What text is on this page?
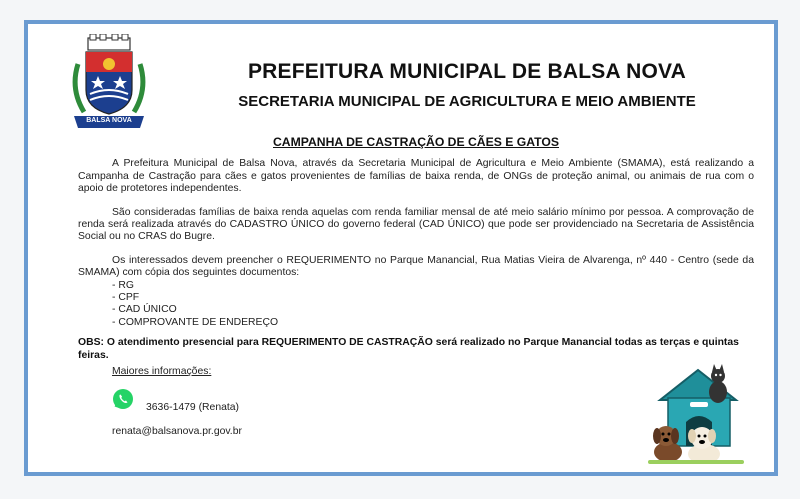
BALSA NOVA
PREFEITURA MUNICIPAL DE BALSA NOVA
SECRETARIA MUNICIPAL DE AGRICULTURA E MEIO AMBIENTE
CAMPANHA DE CASTRAÇÃO DE CÃES E GATOS

A Prefeitura Municipal de Balsa Nova, através da Secretaria Municipal de Agricultura e Meio Ambiente (SMAMA), está realizando a Campanha de Castração para cães e gatos provenientes de famílias de baixa renda, de ONGs de proteção animal, ou animais de rua com o apoio de protetores independentes.

São consideradas famílias de baixa renda aquelas com renda familiar mensal de até meio salário mínimo por pessoa. A comprovação de renda será realizada através do CADASTRO ÚNICO do governo federal (CAD ÚNICO) que pode ser providenciado na Secretaria de Assistência Social ou no CRAS do Bugre.

Os interessados devem preencher o REQUERIMENTO no Parque Manancial, Rua Matias Vieira de Alvarenga, nº 440 - Centro (sede da SMAMA) com cópia dos seguintes documentos:

- RG
- CPF
- CAD ÚNICO
- COMPROVANTE DE ENDEREÇO

OBS: O atendimento presencial para REQUERIMENTO DE CASTRAÇÃO será realizado no Parque Manancial todas as terças e quintas feiras.

Maiores informações:
3636-1479 (Renata)
renata@balsanova.pr.gov.br
